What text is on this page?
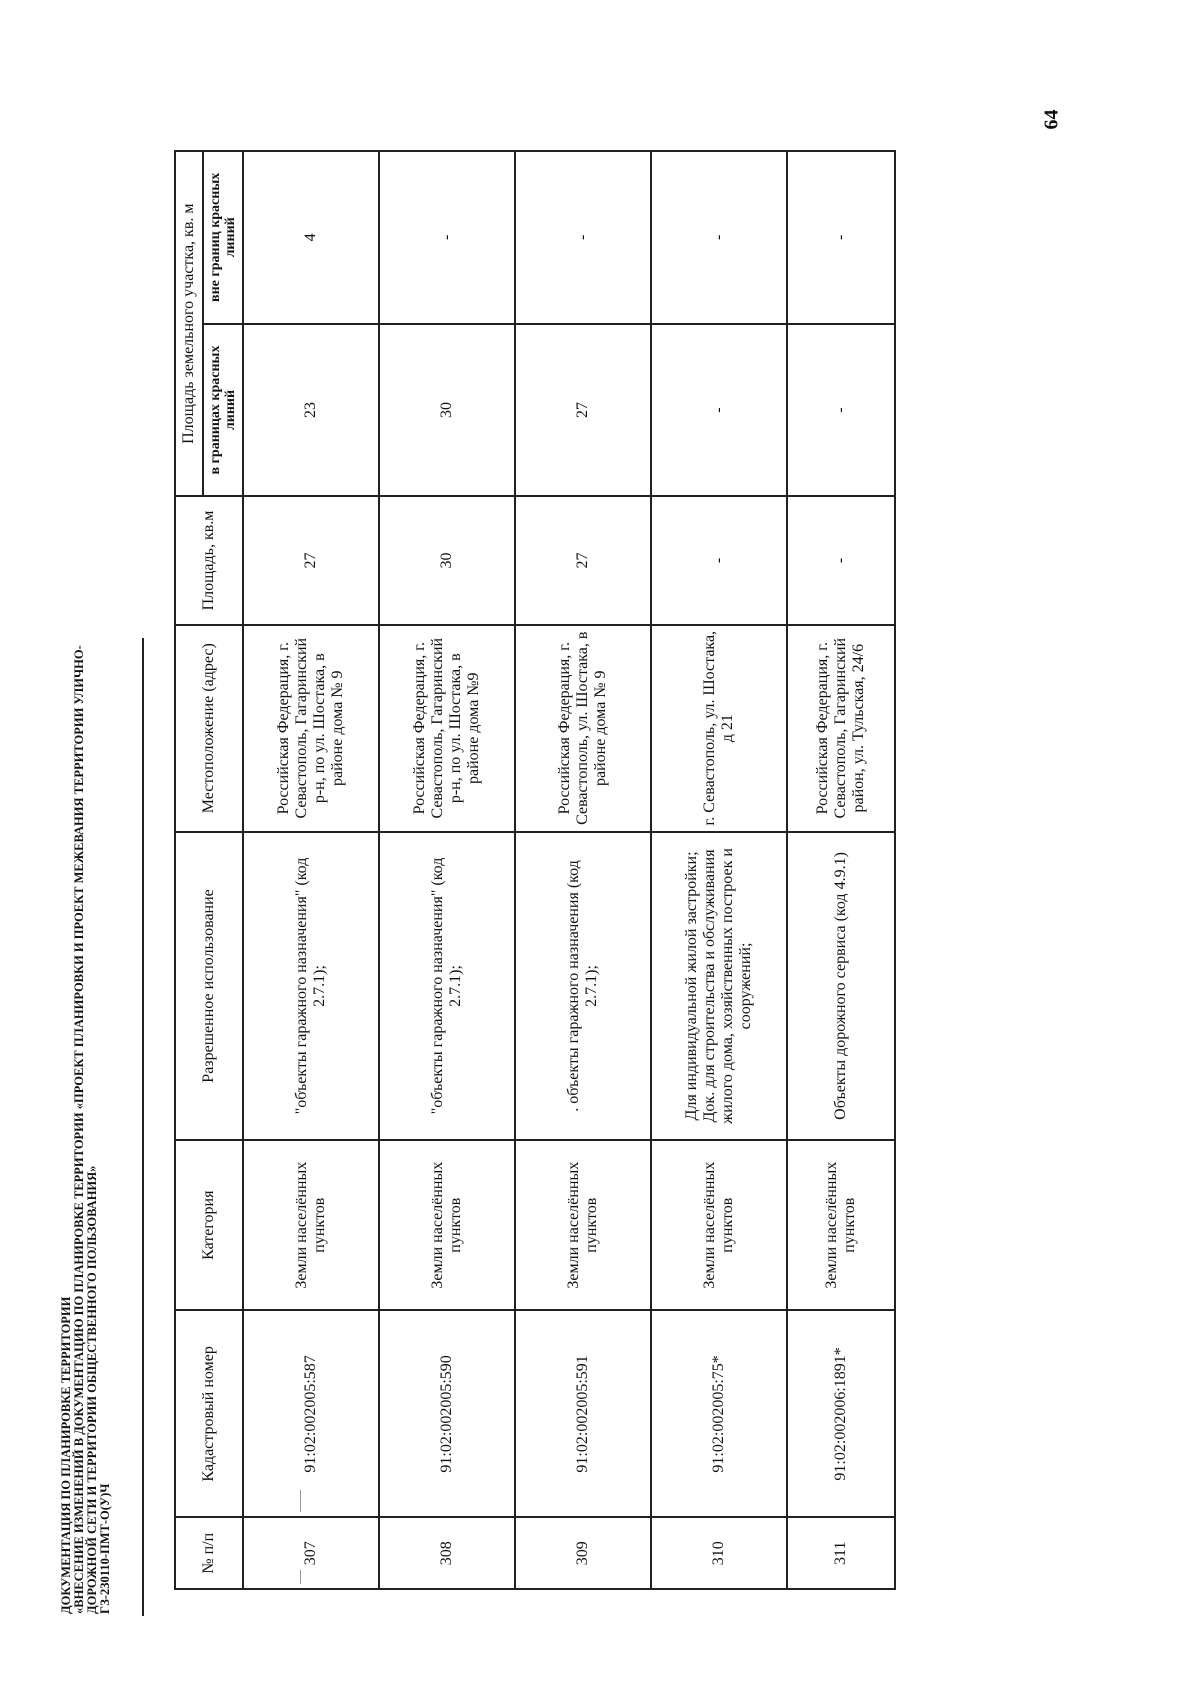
64
ДОКУМЕНТАЦИЯ ПО ПЛАНИРОВКЕ ТЕРРИТОРИИ «ВНЕСЕНИЕ ИЗМЕНЕНИЙ В ДОКУМЕНТАЦИЮ ПО ПЛАНИРОВКЕ ТЕРРИТОРИИ «ПРОЕКТ ПЛАНИРОВКИ И ПРОЕКТ МЕЖЕВАНИЯ ТЕРРИТОРИИ УЛИЧНО- ДОРОЖНОЙ СЕТИ И ТЕРРИТОРИИ ОБЩЕСТВЕННОГО ПОЛЬЗОВАНИЯ» ГЗ-230110-ПМТ-О(У)Ч	№ п/п	Кадастровый номер	Категория	Разрешенное использование	Местоположение (адрес)	Площадь, кв.м	Площадь земельного участка, кв. м	
						в границах красных линий	вне границ красных линий
307	91:02:002005:587	Земли населённых пунктов	"объекты гаражного назначения" (код 2.7.1);	Российская Федерация, г. Севастополь, Гагаринский р-н, по ул. Шостака, в районе дома № 9	27	23	4
308	91:02:002005:590	Земли населённых пунктов	"объекты гаражного назначения" (код 2.7.1);	Российская Федерация, г. Севастополь, Гагаринский р-н, по ул. Шостака, в районе дома №9	30	30	-
309	91:02:002005:591	Земли населённых пунктов	. объекты гаражного назначения (код 2.7.1);	Российская Федерация, г. Севастополь, ул. Шостака, в районе дома № 9	27	27	-
310	91:02:002005:75*	Земли населённых пунктов	Для индивидуальной жилой застройки; Док. для строительства и обслуживания жилого дома, хозяйственных построек и сооружений;	г. Севастополь, ул. Шостака, д 21	-	-	-
311	91:02:002006:1891*	Земли населённых пунктов	Объекты дорожного сервиса (код 4.9.1)	Российская Федерация, г. Севастополь, Гагаринский район, ул. Тульская, 24/6	-	-	-
